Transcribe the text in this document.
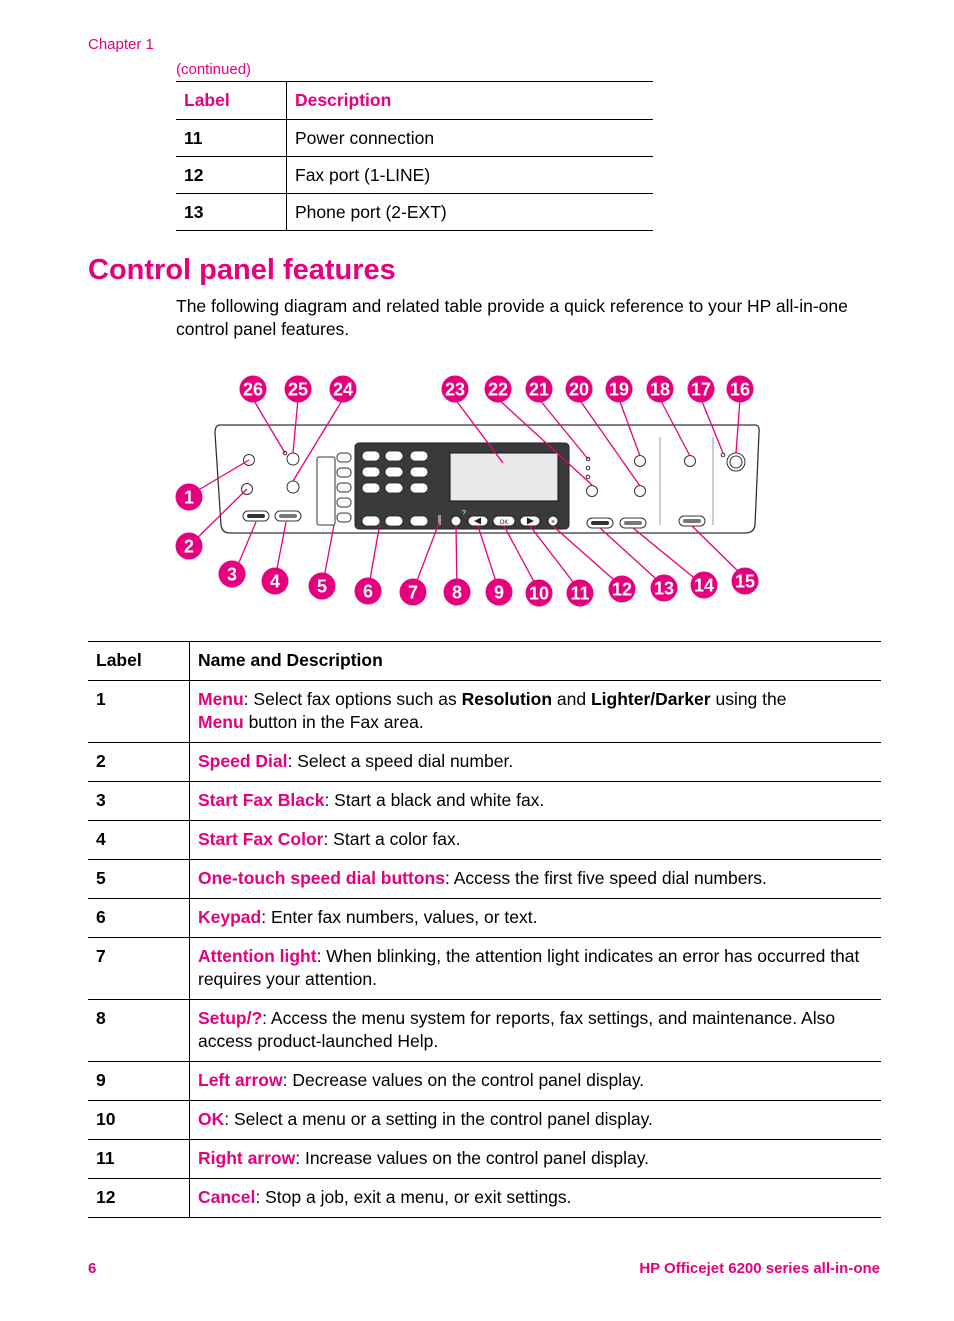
Chapter 1
(continued)
Label	Description
11	Power connection
12	Fax port (1-LINE)
13	Phone port (2-EXT)
Control panel features

The following diagram and related table provide a quick reference to your HP all-in-one control panel features.

?
OK	×
26 25 24	23 22 21 20 19 18 17 16
1
2
3 4 5 6 7 8 9 10 11 12 13 14 15
Label	Name and Description
1	Menu: Select fax options such as Resolution and Lighter/Darker using the
Menu button in the Fax area.
2	Speed Dial: Select a speed dial number.
3	Start Fax Black: Start a black and white fax.
4	Start Fax Color: Start a color fax.
5	One-touch speed dial buttons: Access the first five speed dial numbers.
6	Keypad: Enter fax numbers, values, or text.
7	Attention light: When blinking, the attention light indicates an error has occurred that requires your attention.
8	Setup/?: Access the menu system for reports, fax settings, and maintenance. Also access product-launched Help.
9	Left arrow: Decrease values on the control panel display.
10	OK: Select a menu or a setting in the control panel display.
11	Right arrow: Increase values on the control panel display.
12	Cancel: Stop a job, exit a menu, or exit settings.
6	HP Officejet 6200 series all-in-one
